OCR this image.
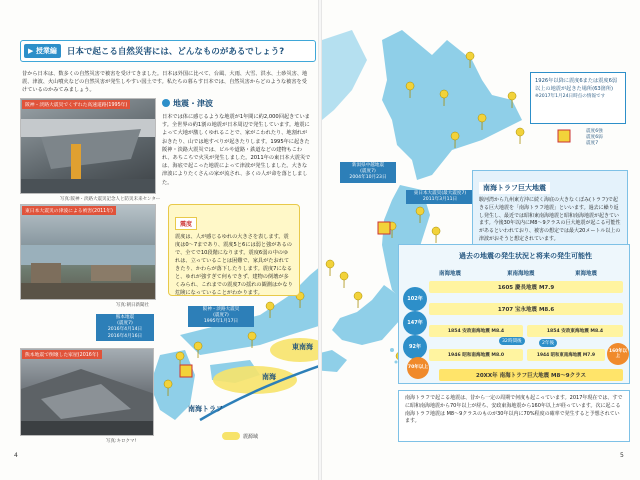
▶ 授業編	日本で起こる自然災害には、どんなものがあるでしょう?

昔から日本は、数多くの自然災害で被害を受けてきました。日本は外国に比べて、台風、大雨、大雪、洪水、土砂災害、地震、津波、火山噴火などの自然災害が発生しやすい国土です。私たちの暮らす日本では、自然災害からどのような被害を受けているのかみてみましょう。

阪神・淡路大震災でくずれた高速道路(1995年)
写真:阪神・淡路大震災記念人と防災未来センター
東日本大震災の津波による被害(2011年)
写真:朝日新聞社
熊本地震で倒壊した家屋(2016年)
写真:キロクマ!
地震・津波

日本では体に感じるような地震が1年間に約2,000回起きています。全世界の約1割の地震が日本周辺で発生しています。地震によって大地が激しくゆれることで、家がこわれたり、地割れがおきたり、山では地すべりが起きたりします。1995年に起きた阪神・淡路大震災では、ビルや道路・鉄道などの建物もこわれ、あちこちで火災が発生しました。2011年の東日本大震災では、海底で起こった地震によって津波が発生しました。大きな津波によりたくさんの家が流され、多くの人が命を落としました。

震度

震度は、人が感じるゆれの大きさを表します。震度は0〜7まであり、震度5と6には弱と強があるので、全てで10段階になります。震度6弱の中のゆれは、立っていることは困難で、家具がたおれてきたり、かわらが落下したりします。震度7になると、ゆれが強すぎて何もできず、建物の倒壊が多くみられ、これまでの震度7の揺れの観測はかなり危険になっていることがわかります。

阪神・淡路大震災
(震度7)
1995年1月17日
熊本地震
(震度7)
2016年4月14日
2016年4月16日
新潟県中越地震
(震度7)
2004年10月23日
東日本大震災(最大震度7)
2011年3月11日
南海
東南海
南海トラフ
震源域

1926年以降に震度6または震度6弱以上の地震が起きた場所(63箇所)

※2017年1月24日時点の情報です

震度6強
震度6弱
震度7
南海トラフ巨大地震

駿河湾から九州東方沖に続く海底の大きなくぼみ(トラフ)で起きる巨大地震を「南海トラフ地震」といいます。過去に繰り返し発生し、最近では昭和東南海地震と昭和南海地震が起きています。今後30年以内にM8〜9クラスの巨大地震が起こる可能性があるといわれており、被害の想定では最大20メートル以上の津波がおそうと想定されています。

過去の地震の発生状況と将来の発生可能性
南海地震	東南海地震	東海地震
1605 慶長地震 M7.9
1707 宝永地震 M8.6
1854 安政南海地震 M8.4	1854 安政東海地震 M8.4
1946 昭和南海地震 M8.0	1944 昭和東南海地震 M7.9
20XX年 南海トラフ巨大地震 M8〜9クラス
102年
147年
92年
32時間後	2年後
70年以上
160年以上

南海トラフで起こる地震は、昔から一定の周期で何度も起こっています。2017年現在では、すでに昭和南海地震から70年以上が経ち、安政東海地震から160年以上が経っています。次に起こる南海トラフ地震は M8〜9クラスのものが30年以内に70%程度の確率で発生すると予想されています。

4	5
